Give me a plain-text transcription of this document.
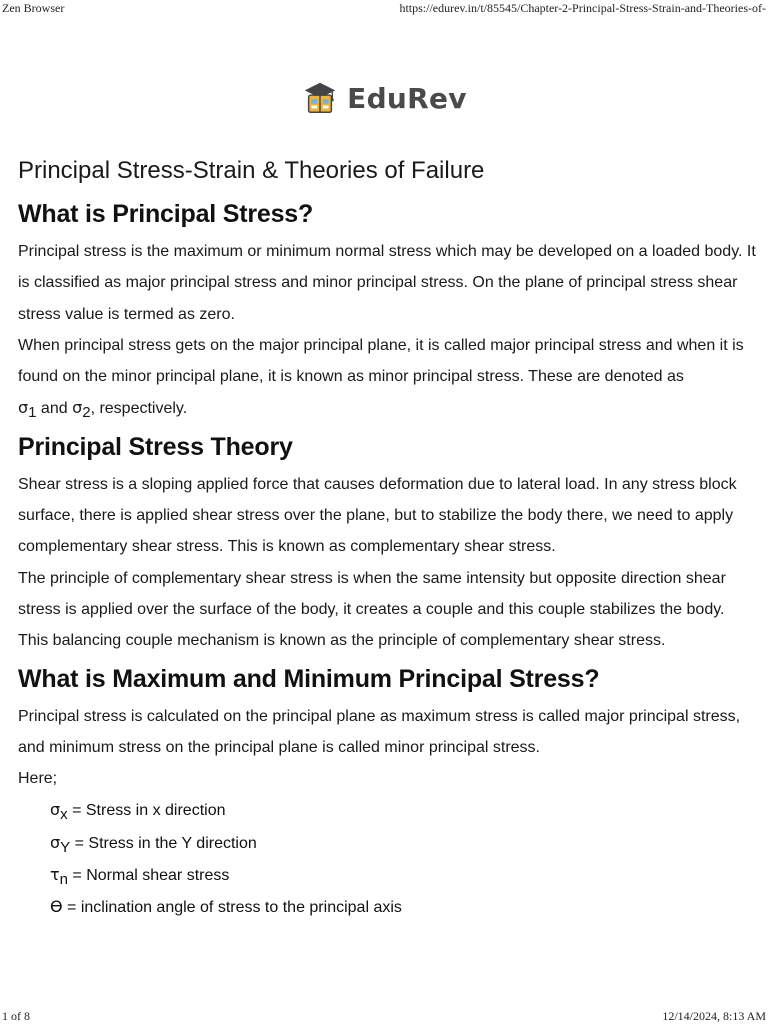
Zen Browser	https://edurev.in/t/85545/Chapter-2-Principal-Stress-Strain-and-Theories-of-
EduRev
Principal Stress-Strain & Theories of Failure
What is Principal Stress?

Principal stress is the maximum or minimum normal stress which may be developed on a loaded body. It is classified as major principal stress and minor principal stress. On the plane of principal stress shear stress value is termed as zero.

When principal stress gets on the major principal plane, it is called major principal stress and when it is found on the minor principal plane, it is known as minor principal stress. These are denoted as
σ1 and σ2, respectively.

Principal Stress Theory

Shear stress is a sloping applied force that causes deformation due to lateral load. In any stress block surface, there is applied shear stress over the plane, but to stabilize the body there, we need to apply complementary shear stress. This is known as complementary shear stress.

The principle of complementary shear stress is when the same intensity but opposite direction shear stress is applied over the surface of the body, it creates a couple and this couple stabilizes the body. This balancing couple mechanism is known as the principle of complementary shear stress.

What is Maximum and Minimum Principal Stress?

Principal stress is calculated on the principal plane as maximum stress is called major principal stress, and minimum stress on the principal plane is called minor principal stress.

Here;

σx = Stress in x direction
σY = Stress in the Y direction
τn = Normal shear stress
Ө = inclination angle of stress to the principal axis
1 of 8	12/14/2024, 8:13 AM
